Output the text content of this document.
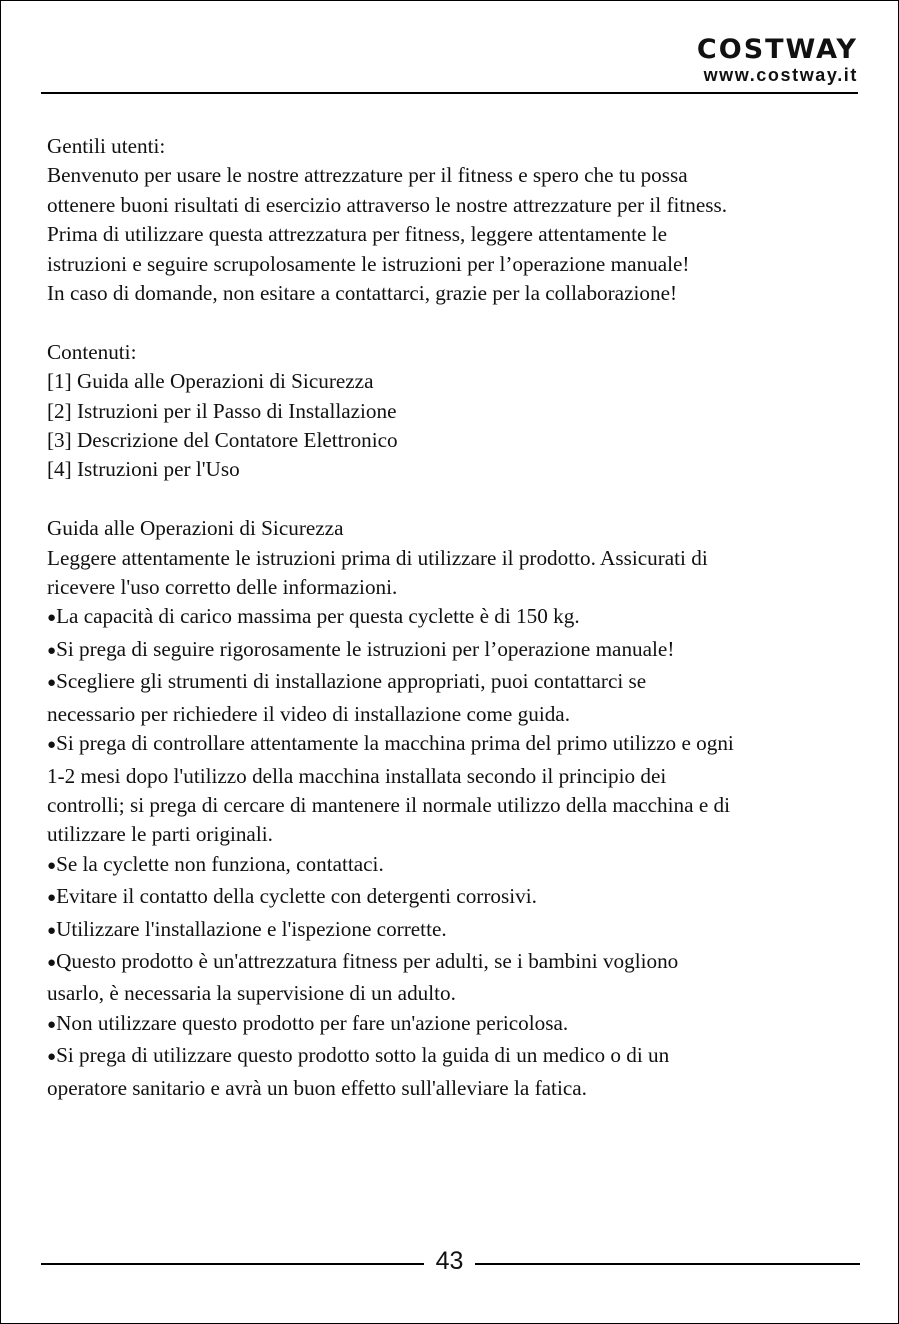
COSTWAY
www.costway.it

Gentili utenti:

Benvenuto per usare le nostre attrezzature per il fitness e spero che tu possa

ottenere buoni risultati di esercizio attraverso le nostre attrezzature per il fitness.

Prima di utilizzare questa attrezzatura per fitness, leggere attentamente le

istruzioni e seguire scrupolosamente le istruzioni per l’operazione manuale!

In caso di domande, non esitare a contattarci, grazie per la collaborazione!

Contenuti:

[1] Guida alle Operazioni di Sicurezza

[2] Istruzioni per il Passo di Installazione

[3] Descrizione del Contatore Elettronico

[4] Istruzioni per l'Uso

Guida alle Operazioni di Sicurezza

Leggere attentamente le istruzioni prima di utilizzare il prodotto. Assicurati di

ricevere l'uso corretto delle informazioni.

● La capacità di carico massima per questa cyclette è di 150 kg.

● Si prega di seguire rigorosamente le istruzioni per l’operazione manuale!

● Scegliere gli strumenti di installazione appropriati, puoi contattarci se

necessario per richiedere il video di installazione come guida.

● Si prega di controllare attentamente la macchina prima del primo utilizzo e ogni

1-2 mesi dopo l'utilizzo della macchina installata secondo il principio dei

controlli; si prega di cercare di mantenere il normale utilizzo della macchina e di

utilizzare le parti originali.

● Se la cyclette non funziona, contattaci.

● Evitare il contatto della cyclette con detergenti corrosivi.

● Utilizzare l'installazione e l'ispezione corrette.

● Questo prodotto è un'attrezzatura fitness per adulti, se i bambini vogliono

usarlo, è necessaria la supervisione di un adulto.

● Non utilizzare questo prodotto per fare un'azione pericolosa.

● Si prega di utilizzare questo prodotto sotto la guida di un medico o di un

operatore sanitario e avrà un buon effetto sull'alleviare la fatica.

43
